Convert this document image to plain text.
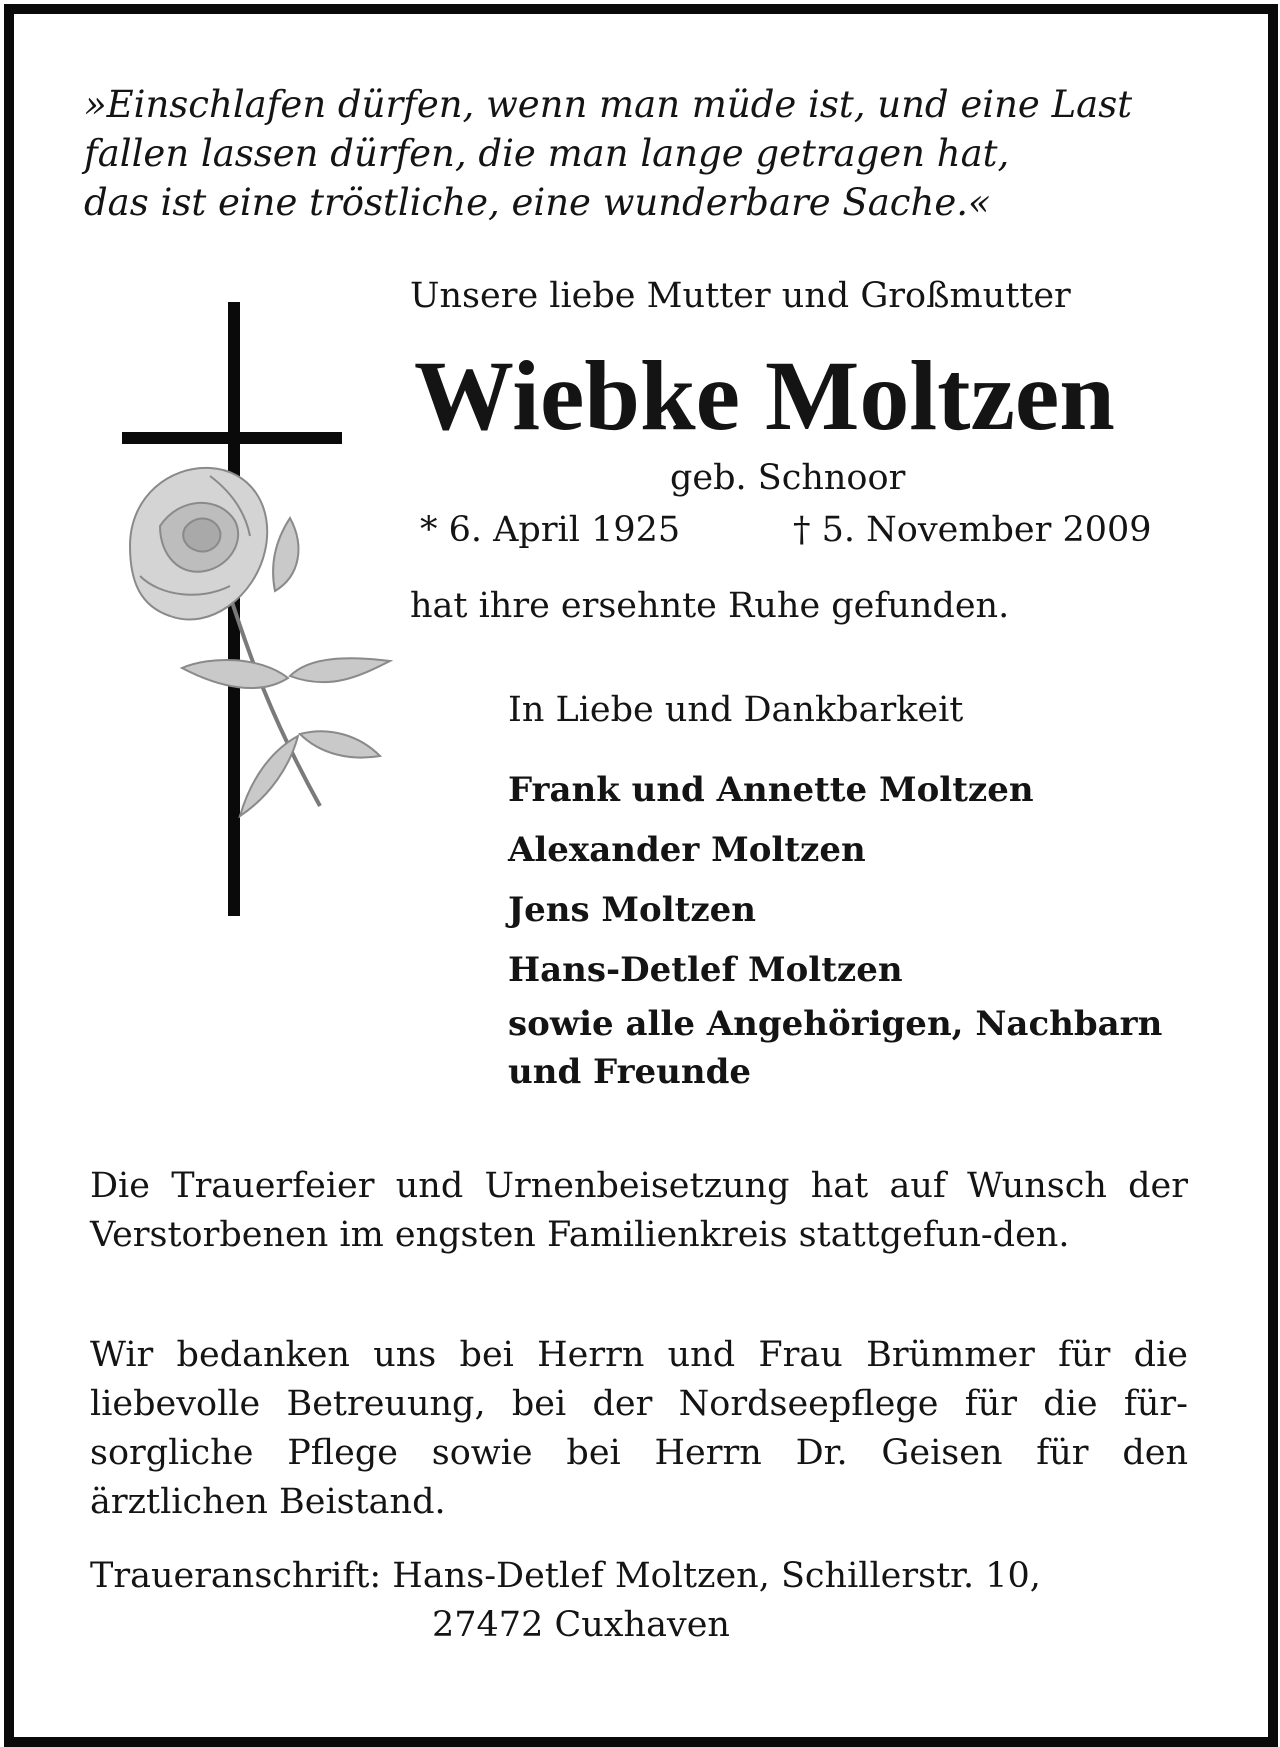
»Einschlafen dürfen, wenn man müde ist, und eine Last
fallen lassen dürfen, die man lange getragen hat,
das ist eine tröstliche, eine wunderbare Sache.«
Unsere liebe Mutter und Großmutter
Wiebke Moltzen
geb. Schnoor
* 6. April 1925	† 5. November 2009
hat ihre ersehnte Ruhe gefunden.
In Liebe und Dankbarkeit
Frank und Annette Moltzen
Alexander Moltzen
Jens Moltzen
Hans-Detlef Moltzen
sowie alle Angehörigen, Nachbarn
und Freunde
Die Trauerfeier und Urnenbeisetzung hat auf Wunsch der Verstorbenen im engsten Familienkreis stattgefun-den.
Wir bedanken uns bei Herrn und Frau Brümmer für die liebevolle Betreuung, bei der Nordseepflege für die für-sorgliche Pflege sowie bei Herrn Dr. Geisen für den ärztlichen Beistand.
Traueranschrift: Hans-Detlef Moltzen, Schillerstr. 10,
27472 Cuxhaven
